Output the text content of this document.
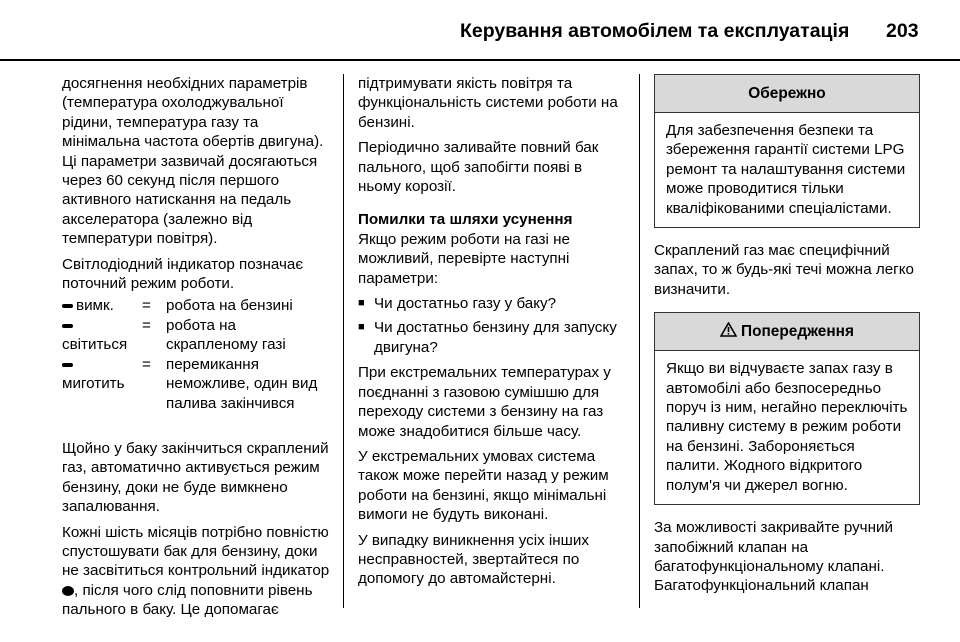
Керування автомобілем та експлуатація 203

досягнення необхідних параметрів (температура охолоджувальної рідини, температура газу та мінімальна частота обертів двигуна). Ці параметри зазвичай досягаються через 60 секунд після першого активного натискання на педаль акселератора (залежно від температури повітря).

Світлодіодний індикатор позначає поточний режим роботи.

вимк.	= робота на бензині

світиться
= робота на скрапленому газі

миготить
= перемикання неможливе, один вид палива закінчився

Щойно у баку закінчиться скраплений газ, автоматично активується режим бензину, доки не буде вимкнено запалювання.

Кожні шість місяців потрібно повністю спустошувати бак для бензину, доки не засвітиться контрольний індикатор , після чого слід поповнити рівень пального в баку. Це допомагає

підтримувати якість повітря та функціональність системи роботи на бензині.

Періодично заливайте повний бак пального, щоб запобігти появі в ньому корозії.

Помилки та шляхи усунення

Якщо режим роботи на газі не можливий, перевірте наступні параметри:

■ Чи достатньо газу у баку?
■ Чи достатньо бензину для запуску двигуна?

При екстремальних температурах у поєднанні з газовою сумішшю для переходу системи з бензину на газ може знадобитися більше часу.

У екстремальних умовах система також може перейти назад у режим роботи на бензині, якщо мінімальні вимоги не будуть виконані.

У випадку виникнення усіх інших несправностей, звертайтеся по допомогу до автомайстерні.

Обережно
Для забезпечення безпеки та збереження гарантії системи LPG ремонт та налаштування системи може проводитися тільки кваліфікованими спеціалістами.

Скраплений газ має специфічний запах, то ж будь-які течі можна легко визначити.

Попередження
Якщо ви відчуваєте запах газу в автомобілі або безпосередньо поруч із ним, негайно переключіть паливну систему в режим роботи на бензині. Забороняється палити. Жодного відкритого полум'я чи джерел вогню.

За можливості закривайте ручний запобіжний клапан на багатофункціональному клапані. Багатофункціональний клапан
